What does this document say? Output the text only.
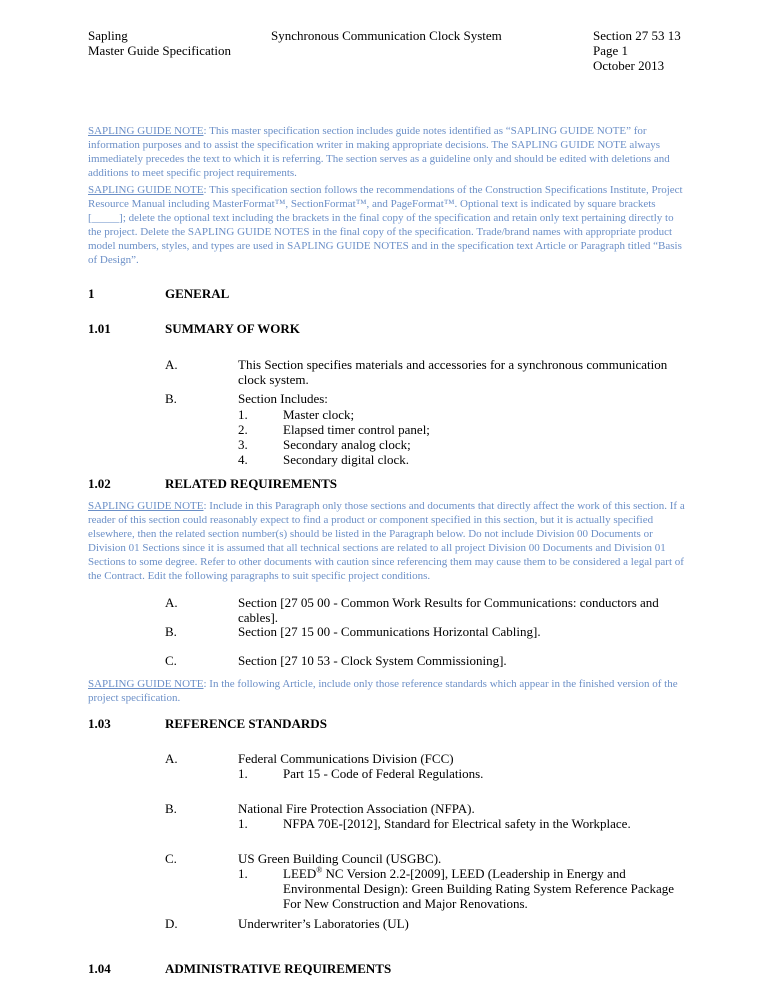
Sapling
Master Guide Specification
Synchronous Communication Clock System	Section 27 53 13
Page 1
October 2013
SAPLING GUIDE NOTE: This master specification section includes guide notes identified as “SAPLING GUIDE NOTE” for information purposes and to assist the specification writer in making appropriate decisions. The SAPLING GUIDE NOTE always immediately precedes the text to which it is referring. The section serves as a guideline only and should be edited with deletions and additions to meet specific project requirements.
SAPLING GUIDE NOTE: This specification section follows the recommendations of the Construction Specifications Institute, Project Resource Manual including MasterFormat™, SectionFormat™, and PageFormat™. Optional text is indicated by square brackets [_____]; delete the optional text including the brackets in the final copy of the specification and retain only text pertaining directly to the project. Delete the SAPLING GUIDE NOTES in the final copy of the specification. Trade/brand names with appropriate product model numbers, styles, and types are used in SAPLING GUIDE NOTES and in the specification text Article or Paragraph titled “Basis of Design”.
1	GENERAL
1.01	SUMMARY OF WORK
A.	This Section specifies materials and accessories for a synchronous communication clock system.
B.	Section Includes:
1.	Master clock;
2.	Elapsed timer control panel;
3.	Secondary analog clock;
4.	Secondary digital clock.
1.02	RELATED REQUIREMENTS
SAPLING GUIDE NOTE: Include in this Paragraph only those sections and documents that directly affect the work of this section. If a reader of this section could reasonably expect to find a product or component specified in this section, but it is actually specified elsewhere, then the related section number(s) should be listed in the Paragraph below. Do not include Division 00 Documents or Division 01 Sections since it is assumed that all technical sections are related to all project Division 00 Documents and Division 01 Sections to some degree. Refer to other documents with caution since referencing them may cause them to be considered a legal part of the Contract. Edit the following paragraphs to suit specific project conditions.
A.	Section [27 05 00 - Common Work Results for Communications: conductors and cables].
B.	Section [27 15 00 - Communications Horizontal Cabling].
C.	Section [27 10 53 - Clock System Commissioning].
SAPLING GUIDE NOTE: In the following Article, include only those reference standards which appear in the finished version of the project specification.
1.03	REFERENCE STANDARDS
A.	Federal Communications Division (FCC)
1.	Part 15 - Code of Federal Regulations.
B.	National Fire Protection Association (NFPA).
1.	NFPA 70E-[2012], Standard for Electrical safety in the Workplace.
C.	US Green Building Council (USGBC).
1.	LEED® NC Version 2.2-[2009], LEED (Leadership in Energy and Environmental Design): Green Building Rating System Reference Package For New Construction and Major Renovations.
D.	Underwriter’s Laboratories (UL)
1.04	ADMINISTRATIVE REQUIREMENTS
